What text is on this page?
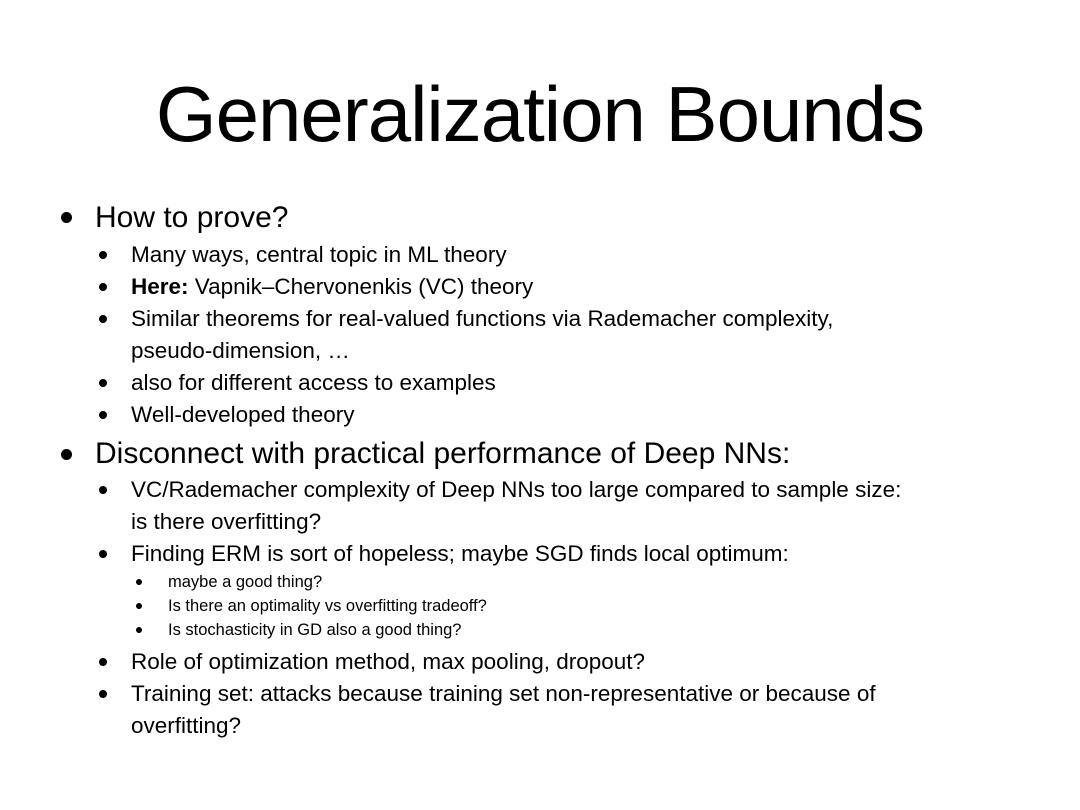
Generalization Bounds
How to prove?
Many ways, central topic in ML theory
Here: Vapnik–Chervonenkis (VC) theory
Similar theorems for real-valued functions via Rademacher complexity,
pseudo-dimension, …
also for different access to examples
Well-developed theory
Disconnect with practical performance of Deep NNs:
VC/Rademacher complexity of Deep NNs too large compared to sample size:
is there overfitting?
Finding ERM is sort of hopeless; maybe SGD finds local optimum:
maybe a good thing?
Is there an optimality vs overfitting tradeoff?
Is stochasticity in GD also a good thing?
Role of optimization method, max pooling, dropout?
Training set: attacks because training set non-representative or because of
overfitting?
